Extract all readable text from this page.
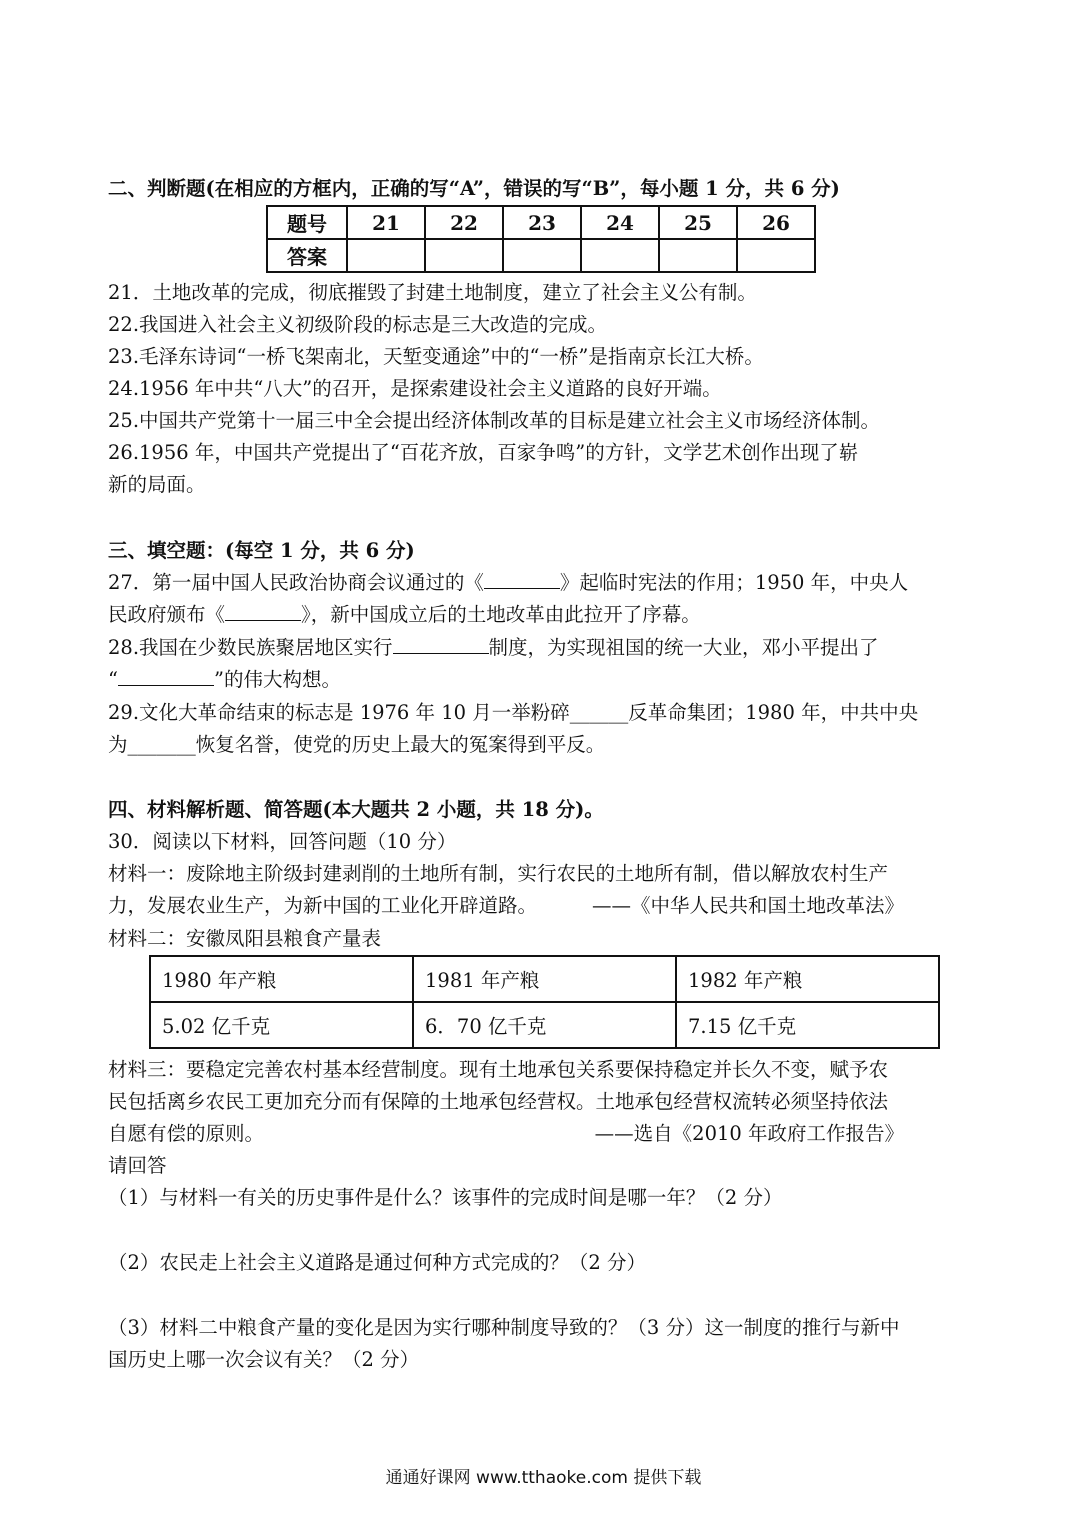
二、判断题(在相应的方框内，正确的写“A”，错误的写“B”，每小题 1 分，共 6 分)
题号	21	22	23	24	25	26
答案						
21．土地改革的完成，彻底摧毁了封建土地制度，建立了社会主义公有制。
22.我国进入社会主义初级阶段的标志是三大改造的完成。
23.毛泽东诗词“一桥飞架南北，天堑变通途”中的“一桥”是指南京长江大桥。
24.1956 年中共“八大”的召开，是探索建设社会主义道路的良好开端。
25.中国共产党第十一届三中全会提出经济体制改革的目标是建立社会主义市场经济体制。
26.1956 年，中国共产党提出了“百花齐放，百家争鸣”的方针，文学艺术创作出现了崭
新的局面。
三、填空题：(每空 1 分，共 6 分)
27．第一届中国人民政治协商会议通过的《	》起临时宪法的作用；1950 年，中央人
民政府颁布《	》，新中国成立后的土地改革由此拉开了序幕。
28.我国在少数民族聚居地区实行	制度，为实现祖国的统一大业，邓小平提出了
“	”的伟大构想。
29.文化大革命结束的标志是 1976 年 10 月一举粉碎______反革命集团；1980 年，中共中央
为_______恢复名誉，使党的历史上最大的冤案得到平反。
四、材料解析题、简答题(本大题共 2 小题，共 18 分)。
30．阅读以下材料，回答问题（10 分）
材料一：废除地主阶级封建剥削的土地所有制，实行农民的土地所有制，借以解放农村生产
力，发展农业生产，为新中国的工业化开辟道路。	——《中华人民共和国土地改革法》
材料二：安徽凤阳县粮食产量表
1980 年产粮	1981 年产粮	1982 年产粮
5.02 亿千克	6．70 亿千克	7.15 亿千克
材料三：要稳定完善农村基本经营制度。现有土地承包关系要保持稳定并长久不变，赋予农
民包括离乡农民工更加充分而有保障的土地承包经营权。土地承包经营权流转必须坚持依法
自愿有偿的原则。	——选自《2010 年政府工作报告》
请回答
（1）与材料一有关的历史事件是什么？该事件的完成时间是哪一年？（2 分）
（2）农民走上社会主义道路是通过何种方式完成的？（2 分）
（3）材料二中粮食产量的变化是因为实行哪种制度导致的？（3 分）这一制度的推行与新中
国历史上哪一次会议有关？（2 分）
通通好课网 www.tthaoke.com 提供下载
